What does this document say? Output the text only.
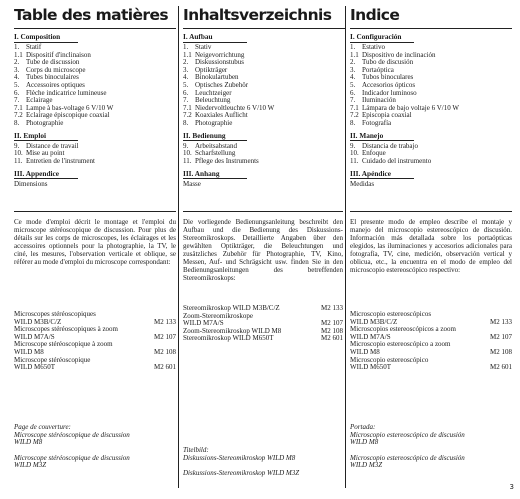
Table des matières
I. Composition
1. Statif
1.1 Dispositif d'inclinaison
2. Tube de discussion
3. Corps du microscope
4. Tubes binoculaires
5. Accessoires optiques
6. Flèche indicatrice lumineuse
7. Eclairage
7.1 Lampe à bas-voltage 6 V/10 W
7.2 Eclairage épiscopique coaxial
8. Photographie
II. Emploi
9. Distance de travail
10. Mise au point
11. Entretien de l'instrument
III. Appendice
Dimensions
Ce mode d'emploi décrit le montage et l'emploi du microscope stéréoscopique de discussion. Pour plus de détails sur les corps de microscopes, les éclairages et les accessoires optionnels pour la photographie, la TV, le ciné, les mesures, l'observation verticale et oblique, se référer au mode d'emploi du microscope correspondant:
Microscopes stéréoscopiques
WILD M3B/C/Z	M2 133
Microscopes stéréoscopiques à zoom
WILD M7A/S	M2 107
Microscope stéréoscopique à zoom
WILD M8	M2 108
Microscope stéréoscopique
WILD M650T	M2 601
Page de couverture:
Microscope stéréoscopique de discussion
WILD M8
Microscope stéréoscopique de discussion
WILD M3Z
Inhaltsverzeichnis
I. Aufbau
1. Stativ
1.1 Neigevorrichtung
2. Diskussionstubus
3. Optikträger
4. Binokulartuben
5. Optisches Zubehör
6. Leuchtzeiger
7. Beleuchtung
7.1 Niedervoltleuchte 6 V/10 W
7.2 Koaxiales Auflicht
8. Photographie
II. Bedienung
9. Arbeitsabstand
10. Scharfstellung
11. Pflege des Instruments
III. Anhang
Masse
Die vorliegende Bedienungsanleitung beschreibt den Aufbau und die Bedienung des Diskussions-Stereomikroskops. Detaillierte Angaben über den gewählten Optikträger, die Beleuchtungen und zusätzliches Zubehör für Photographie, TV, Kino, Messen, Auf- und Schrägsicht usw. finden Sie in den Bedienungsanleitungen des betreffenden Stereomikroskops:
Stereomikroskop WILD M3B/C/Z	M2 133
Zoom-Stereomikroskope
WILD M7A/S	M2 107
Zoom-Stereomikroskop WILD M8	M2 108
Stereomikroskop WILD M650T	M2 601
Titelbild:
Diskussions-Stereomikroskop WILD M8
Diskussions-Stereomikroskop WILD M3Z
Indice
I. Configuración
1. Estativo
1.1 Dispositivo de inclinación
2. Tubo de discusión
3. Portaóptica
4. Tubos binoculares
5. Accesorios ópticos
6. Indicador luminoso
7. Iluminación
7.1 Lámpara de bajo voltaje 6 V/10 W
7.2 Episcopia coaxial
8. Fotografía
II. Manejo
9. Distancia de trabajo
10. Enfoque
11. Cuidado del instrumento
III. Apéndice
Medidas
El presente modo de empleo describe el montaje y manejo del microscopio estereoscópico de discusión. Información más detallada sobre los portaópticas elegidos, las iluminaciones y accesorios adicionales para fotografía, TV, cine, medición, observación vertical y oblicua, etc., la encuentra en el modo de empleo del microscopio estereoscópico respectivo:
Microscopio estereoscópicos
WILD M3B/C/Z	M2 133
Microscopios estereoscópicos a zoom
WILD M7A/S	M2 107
Microscopio estereoscópico a zoom
WILD M8	M2 108
Microscopio estereoscópico
WILD M650T	M2 601
Portada:
Microscopio estereoscópico de discusión
WILD M8
Microscopio estereoscópico de discusión
WILD M3Z
3
